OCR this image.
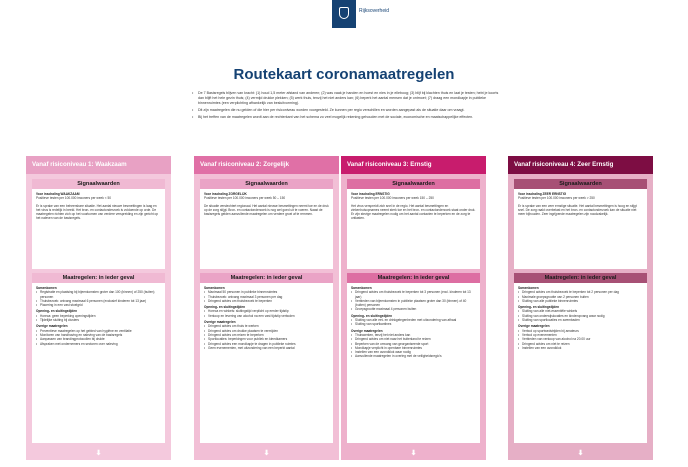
Rijksoverheid
Routekaart coronamaatregelen
• De 7 Basisregels blijven van kracht: (1) houd 1,5 meter afstand van anderen; (2) was vaak je handen en hoest en nies in je elleboog; (3) blijf bij klachten thuis en laat je testen; hebt je koorts dan blijft het hele gezin thuis; (4) vermijd drukke plekken; (5) werk thuis, tenzij het niet anders kan; (6) beperk het aantal mensen dat je ontmoet; (7) draag een mondkapje in publieke binnenruimtes (een verplichting afhankelijk van besluitvorming).
• Dit zijn maatregelen die nu gelden of die hier per risiconiveau worden voorgesteld. Ze kunnen per regio verschillen en worden aangepast als de situatie daar om vraagt.
• Bij het treffen van de maatregelen wordt aan de rechterkant van het schema zo veel mogelijk rekening gehouden met de sociale, economische en maatschappelijke effecten.
Vanaf risiconiveau 1: Waakzaam
Signaalwaarden

Voor inschaling WAAKZAAM
Positieve testen per 100.000 inwoners per week < 50

Er is sprake van een beheersbare situatie. Het aantal nieuwe besmettingen is laag en het virus is redelijk in beeld. Het bron- en contactonderzoek is voldoende op orde. De maatregelen richten zich op het voorkomen van verdere verspreiding en zijn gericht op het naleven van de basisregels.

Maatregelen: in ieder geval
Samenkomen
• Registratie en plaatsing bij bijeenkomsten groter dan 100 (binnen) of 250 (buiten) personen
• Thuisbezoek: ontvang maximaal 6 personen (exclusief kinderen tot 13 jaar)
• Placering in een vast stoelgrid
Opening- en sluitingstijden
• Horeca: geen beperking openingstijden
• Tijdelijke sluiting bij clusters
Overige maatregelen
• Preventieve maatregelen op het gebied van hygiëne en ventilatie
• Monitoren van handhaving en naleving van de basisregels
• Aanpassen van brandingprotocollen bij drukte
• Afspraken met ondernemers en sectoren over naleving
⬇
Vanaf risiconiveau 2: Zorgelijk
Signaalwaarden

Voor inschaling ZORGELIJK
Positieve testen per 100.000 inwoners per week 50 – 150

De situatie verslechtert regionaal. Het aantal nieuwe besmettingen neemt toe en de druk op de zorg stijgt. Bron- en contactonderzoek is nog wel goed uit te voeren. Naast de basisregels gelden aanvullende maatregelen om verdere groei af te remmen.

Maatregelen: in ieder geval
Samenkomen
• Maximaal 50 personen in publieke binnenruimtes
• Thuisbezoek: ontvang maximaal 3 personen per dag
• Dringend advies om thuisbezoek te beperken
Opening- en sluitingstijden
• Horeca en winkels: sluitingstijd verplicht op eerder tijdstip
• Verkoop en levering van alcohol na een vast tijdstip verboden
Overige maatregelen
• Dringend advies om thuis te werken
• Dringend advies om drukke plaatsen te vermijden
• Dringend advies om reizen te beperken
• Sportlocaties: beperkingen voor publiek en kleedkamers
• Dringend advies een mondkapje te dragen in publieke ruimtes
• Geen evenementen, met uitzondering van een beperkt aantal
⬇
Vanaf risiconiveau 3: Ernstig
Signaalwaarden

Voor inschaling ERNSTIG
Positieve testen per 100.000 inwoners per week 150 – 250

Het virus verspreidt zich snel in de regio. Het aantal besmettingen en ziekenhuisopnames neemt sterk toe en het bron- en contactonderzoek staat onder druk. Er zijn stevige maatregelen nodig om het aantal contacten te beperken en de zorg te ontlasten.

Maatregelen: in ieder geval
Samenkomen
• Dringend advies om thuisbezoek te beperken tot 3 personen (excl. kinderen tot 13 jaar)
• Verbieden van bijeenkomsten in publieke plaatsen groter dan 30 (binnen) of 40 (buiten) personen
• Groepsgrootte maximaal 4 personen buiten
Opening- en sluitingstijden
• Sluiting van alle eet- en drinkgelegenheden met uitzondering van afhaal
• Sluiting van sportkantines
Overige maatregelen
• Thuiswerken, tenzij het niet anders kan
• Dringend advies om niet naar het buitenland te reizen
• Beperken van de omvang van georganiseerde sport
• Mondkapje verplicht in openbare binnenruimtes
• Instellen van een avondklok waar nodig
• Aanvullende maatregelen in overleg met de veiligheidsregio's
⬇
Vanaf risiconiveau 4: Zeer Ernstig
Signaalwaarden

Voor inschaling ZEER ERNSTIG
Positieve testen per 100.000 inwoners per week > 250

Er is sprake van een zeer ernstige situatie. Het aantal besmettingen is hoog en stijgt snel. De zorg raakt overbelast en het bron- en contactonderzoek kan de situatie niet meer bijhouden. Zeer ingrijpende maatregelen zijn noodzakelijk.

Maatregelen: in ieder geval
Samenkomen
• Dringend advies om thuisbezoek te beperken tot 2 personen per dag
• Maximale groepsgrootte van 2 personen buiten
• Sluiting van alle publieke binnenruimtes
Opening- en sluitingstijden
• Sluiting van alle niet-essentiële winkels
• Sluiting van onderwijslocaties en kinderopvang waar nodig
• Sluiting van sportlocaties en zwembaden
Overige maatregelen
• Verbod op sportwedstrijden bij amateurs
• Verbod op evenementen
• Verbieden van verkoop van alcohol na 20.00 uur
• Dringend advies om niet te reizen
• Instellen van een avondklok
⬇
